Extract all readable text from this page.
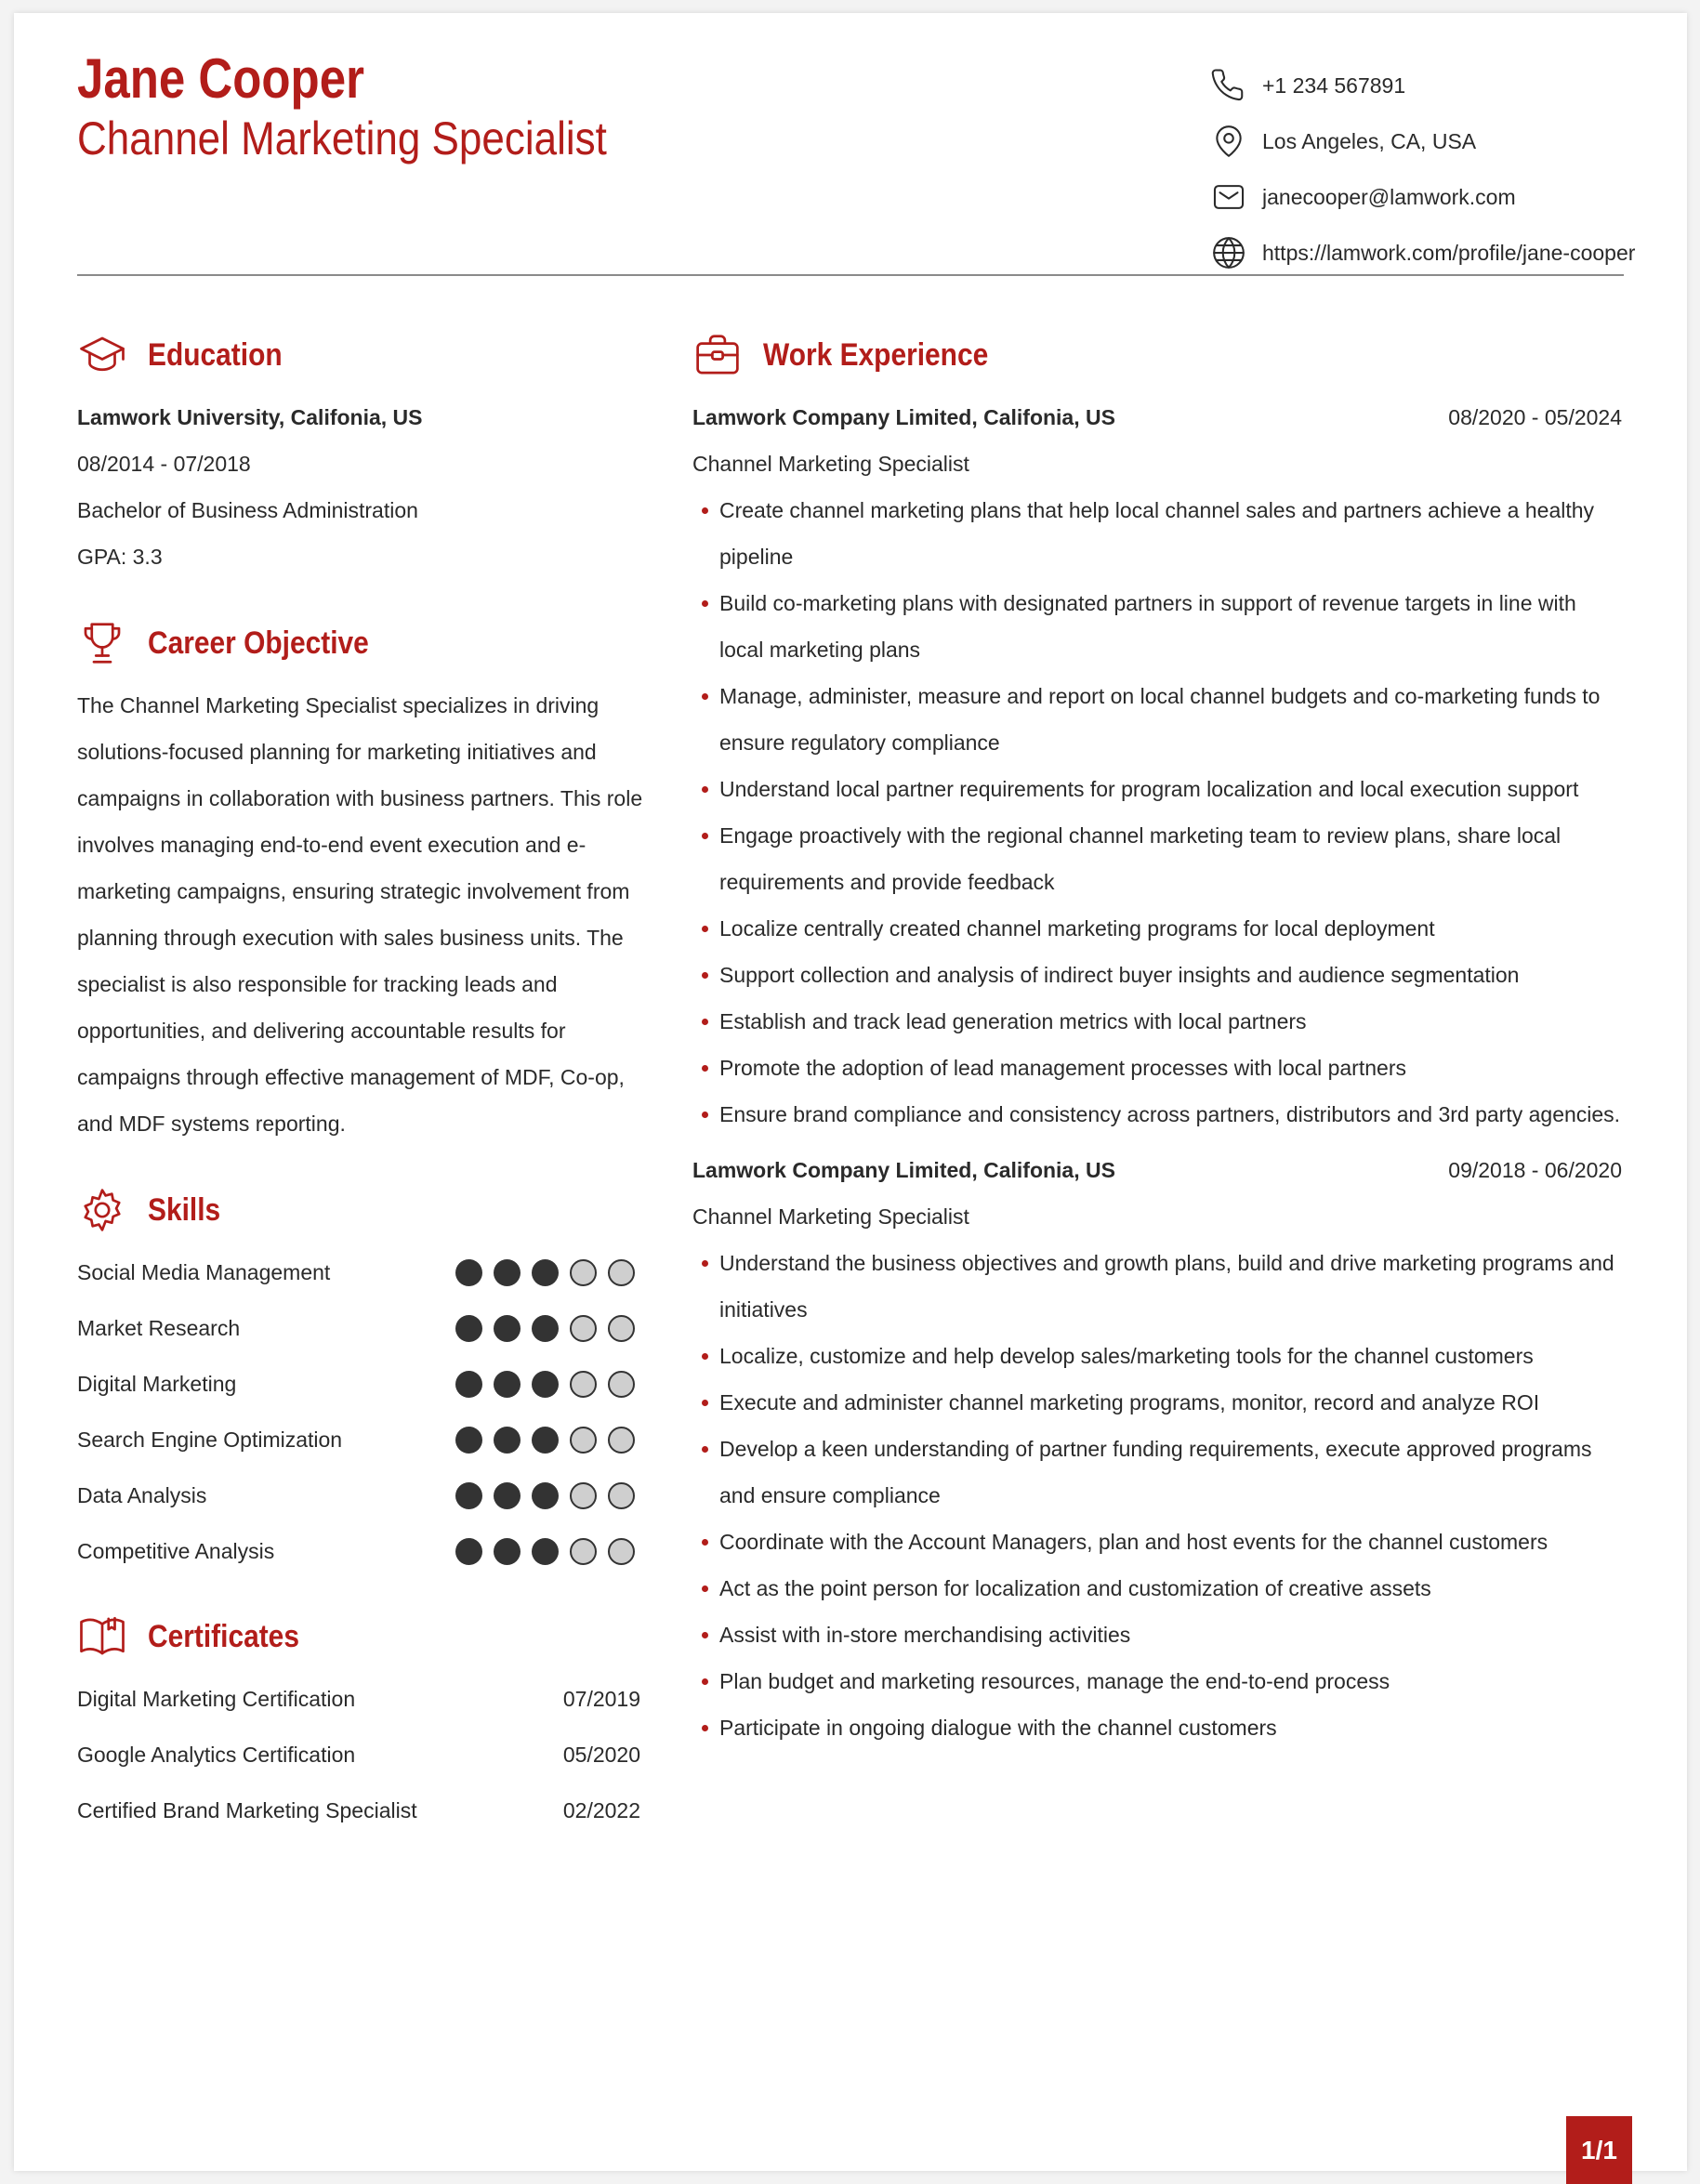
Jane Cooper
Channel Marketing Specialist
+1 234 567891
Los Angeles, CA, USA
janecooper@lamwork.com
https://lamwork.com/profile/jane-cooper
Education
Lamwork University, Califonia, US
08/2014 - 07/2018
Bachelor of Business Administration
GPA: 3.3
Career Objective
The Channel Marketing Specialist specializes in driving solutions-focused planning for marketing initiatives and campaigns in collaboration with business partners. This role involves managing end-to-end event execution and e-marketing campaigns, ensuring strategic involvement from planning through execution with sales business units. The specialist is also responsible for tracking leads and opportunities, and delivering accountable results for campaigns through effective management of MDF, Co-op, and MDF systems reporting.
Skills
Social Media Management
Market Research
Digital Marketing
Search Engine Optimization
Data Analysis
Competitive Analysis
Certificates
Digital Marketing Certification	07/2019
Google Analytics Certification	05/2020
Certified Brand Marketing Specialist	02/2022
Work Experience
Lamwork Company Limited, Califonia, US	08/2020 - 05/2024
Channel Marketing Specialist
Create channel marketing plans that help local channel sales and partners achieve a healthy pipeline
Build co-marketing plans with designated partners in support of revenue targets in line with local marketing plans
Manage, administer, measure and report on local channel budgets and co-marketing funds to ensure regulatory compliance
Understand local partner requirements for program localization and local execution support
Engage proactively with the regional channel marketing team to review plans, share local requirements and provide feedback
Localize centrally created channel marketing programs for local deployment
Support collection and analysis of indirect buyer insights and audience segmentation
Establish and track lead generation metrics with local partners
Promote the adoption of lead management processes with local partners
Ensure brand compliance and consistency across partners, distributors and 3rd party agencies.
Lamwork Company Limited, Califonia, US	09/2018 - 06/2020
Channel Marketing Specialist
Understand the business objectives and growth plans, build and drive marketing programs and initiatives
Localize, customize and help develop sales/marketing tools for the channel customers
Execute and administer channel marketing programs, monitor, record and analyze ROI
Develop a keen understanding of partner funding requirements, execute approved programs and ensure compliance
Coordinate with the Account Managers, plan and host events for the channel customers
Act as the point person for localization and customization of creative assets
Assist with in-store merchandising activities
Plan budget and marketing resources, manage the end-to-end process
Participate in ongoing dialogue with the channel customers
1/1
